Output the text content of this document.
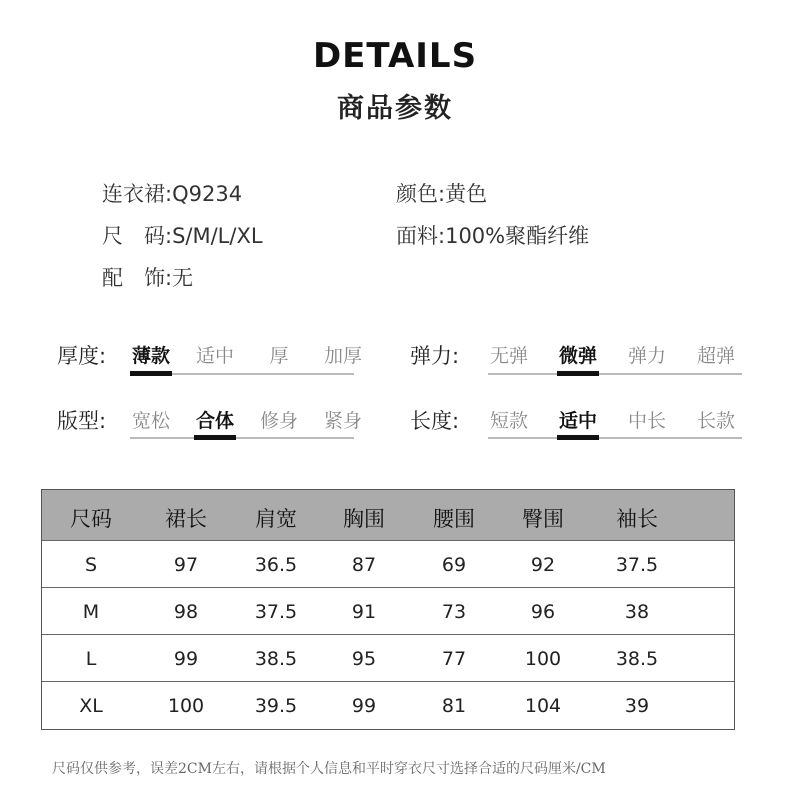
DETAILS
商品参数
连衣裙:Q9234	颜色:黄色
尺　码:S/M/L/XL	面料:100%聚酯纤维
配　饰:无
厚度:	薄款	适中	厚	加厚	弹力:	无弹	微弹	弹力	超弹
版型:	宽松	合体	修身	紧身	长度:	短款	适中	中长	长款
尺码	裙长	肩宽	胸围	腰围	臀围	袖长
S	97	36.5	87	69	92	37.5
M	98	37.5	91	73	96	38
L	99	38.5	95	77	100	38.5
XL	100	39.5	99	81	104	39
尺码仅供参考，误差2CM左右，请根据个人信息和平时穿衣尺寸选择合适的尺码厘米/CM
